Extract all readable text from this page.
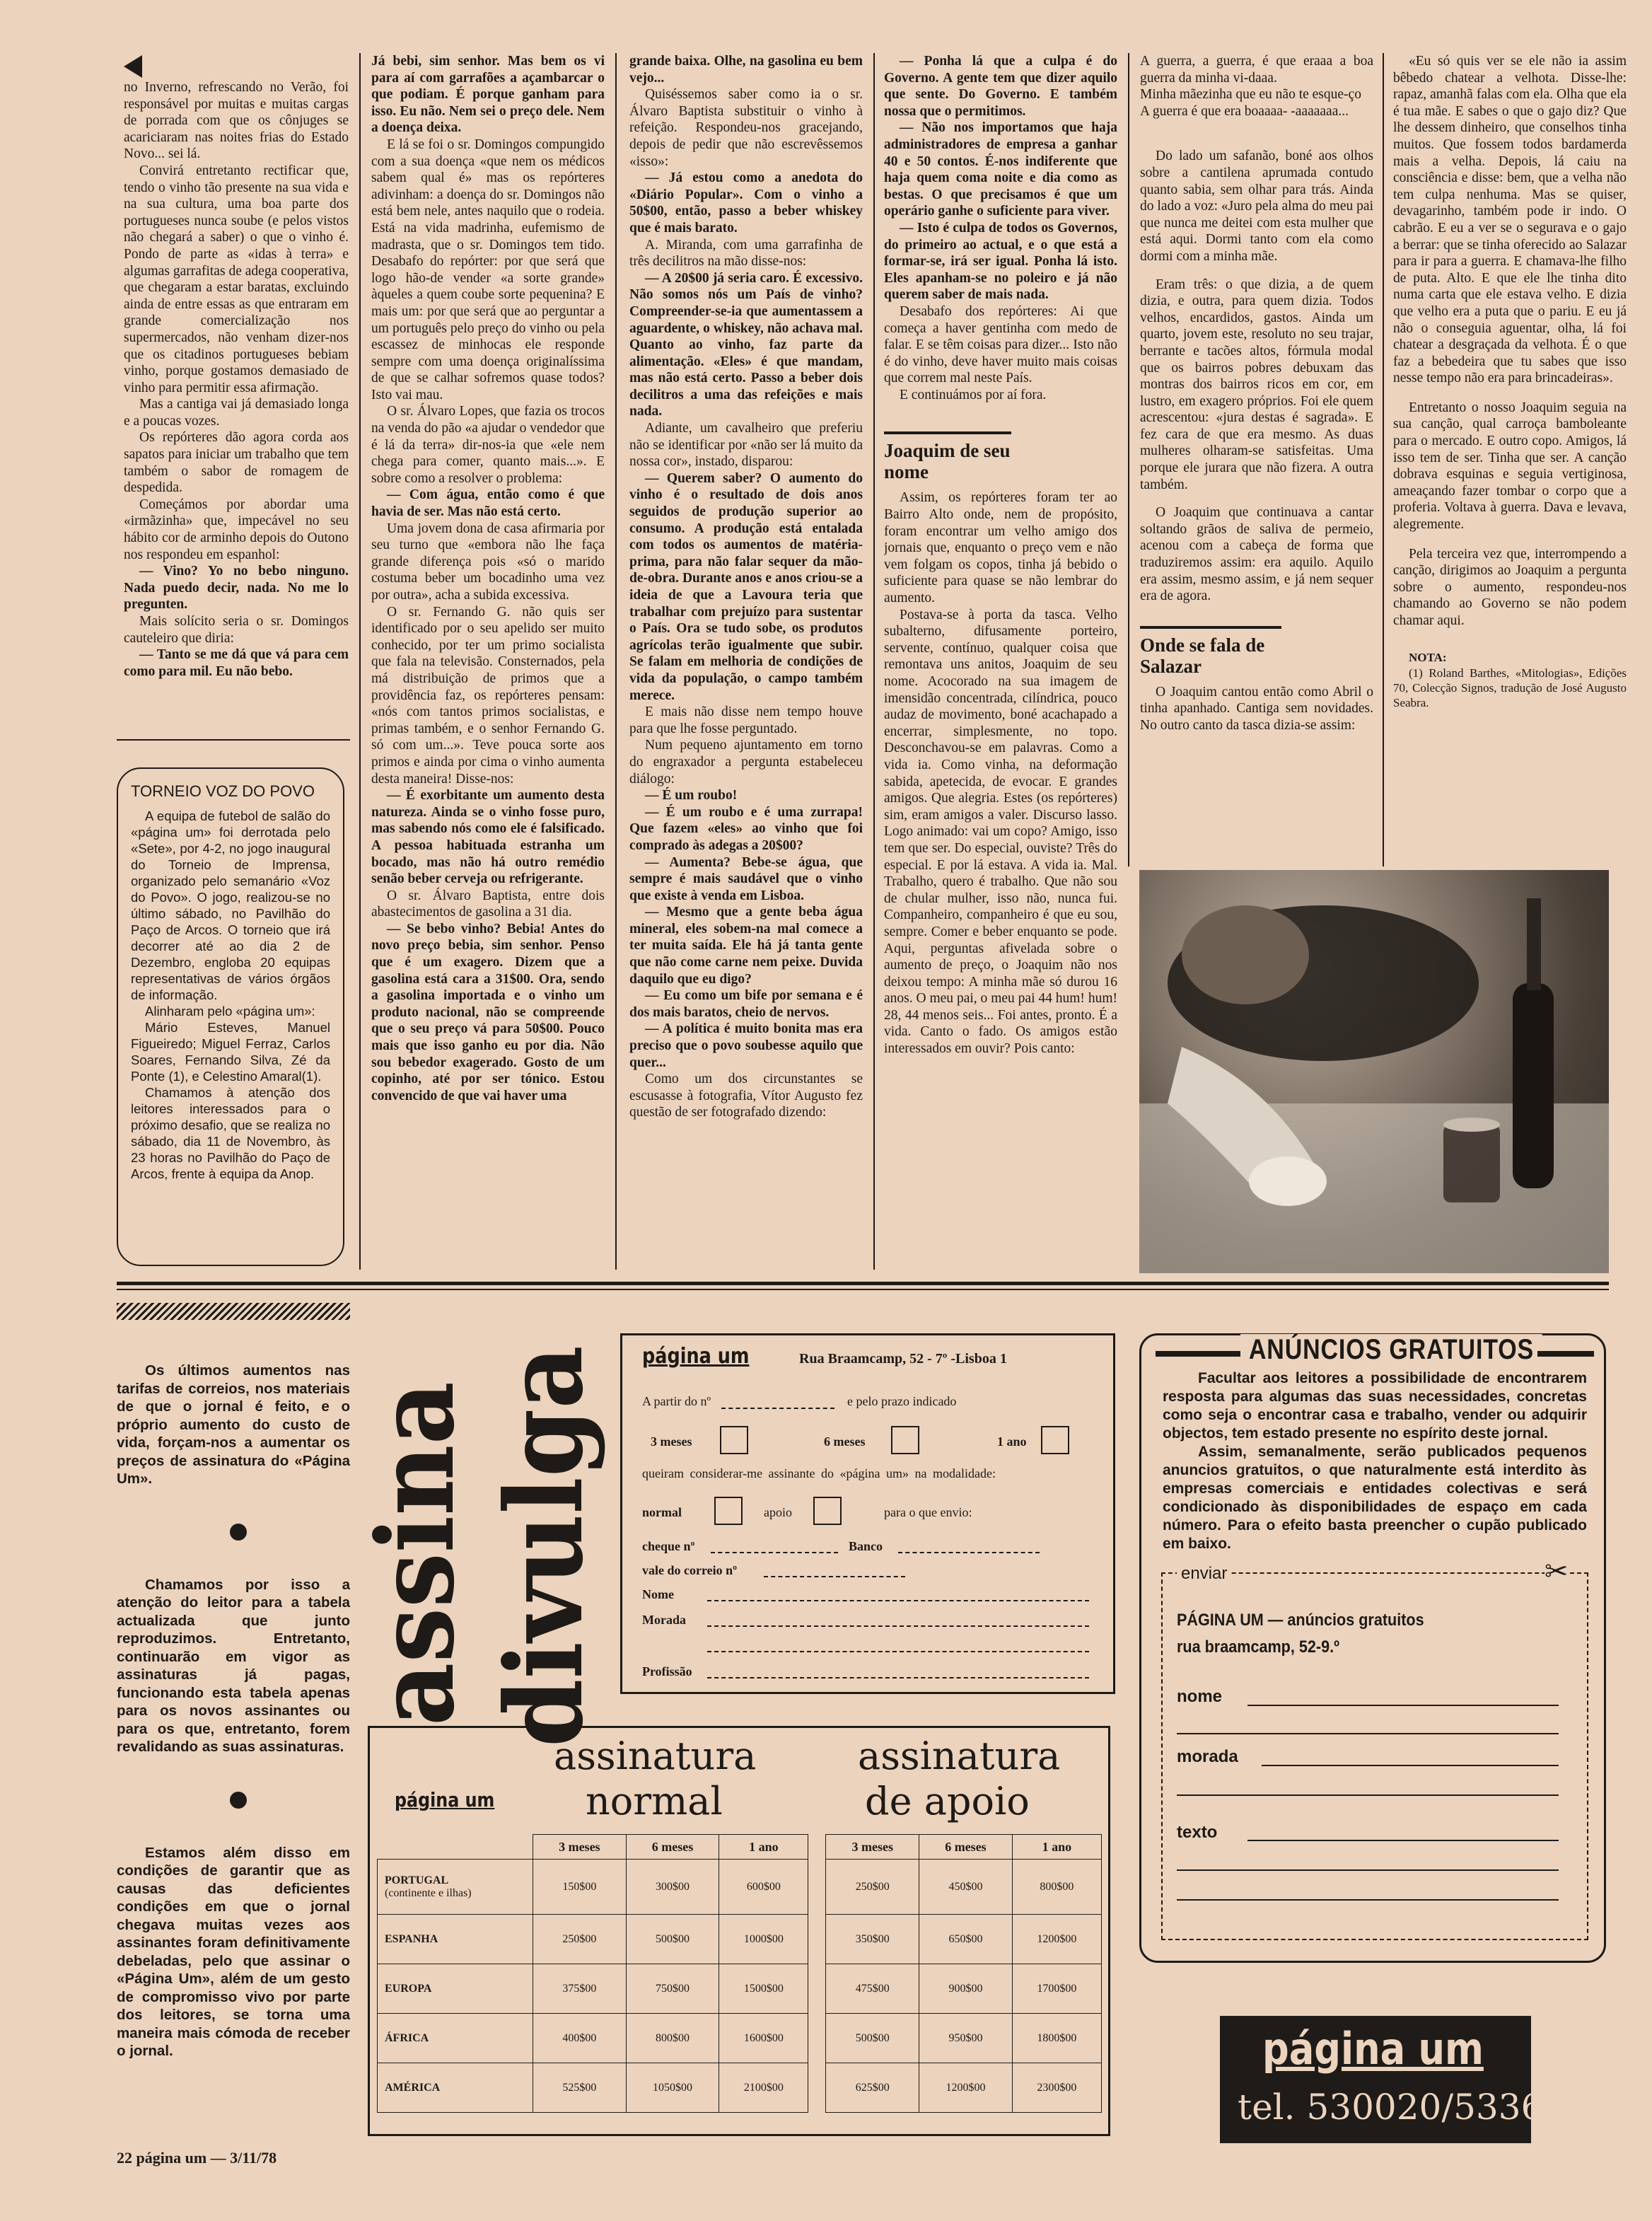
no Inverno, refrescando no Verão, foi responsável por muitas e muitas cargas de porrada com que os cônjuges se acariciaram nas noites frias do Estado Novo... sei lá.

Convirá entretanto rectificar que, tendo o vinho tão presente na sua vida e na sua cultura, uma boa parte dos portugueses nunca soube (e pelos vistos não chegará a saber) o que o vinho é. Pondo de parte as «idas à terra» e algumas garrafitas de adega cooperativa, que chegaram a estar baratas, excluindo ainda de entre essas as que entraram em grande comercialização nos supermercados, não venham dizer-nos que os citadinos portugueses bebiam vinho, porque gostamos demasiado de vinho para permitir essa afirmação.

Mas a cantiga vai já demasiado longa e a poucas vozes.

Os repórteres dão agora corda aos sapatos para iniciar um trabalho que tem também o sabor de romagem de despedida.

Começámos por abordar uma «irmãzinha» que, impecável no seu hábito cor de arminho depois do Outono nos respondeu em espanhol:

— Vino? Yo no bebo ninguno. Nada puedo decir, nada. No me lo pregunten.

Mais solícito seria o sr. Domingos cauteleiro que diria:

— Tanto se me dá que vá para cem como para mil. Eu não bebo.

TORNEIO VOZ DO POVO

A equipa de futebol de salão do «página um» foi derrotada pelo «Sete», por 4-2, no jogo inaugural do Torneio de Imprensa, organizado pelo semanário «Voz do Povo». O jogo, realizou-se no último sábado, no Pavilhão do Paço de Arcos. O torneio que irá decorrer até ao dia 2 de Dezembro, engloba 20 equipas representativas de vários órgãos de informação.

Alinharam pelo «página um»:

Mário Esteves, Manuel Figueiredo; Miguel Ferraz, Carlos Soares, Fernando Silva, Zé da Ponte (1), e Celestino Amaral(1).

Chamamos à atenção dos leitores interessados para o próximo desafio, que se realiza no sábado, dia 11 de Novembro, às 23 horas no Pavilhão do Paço de Arcos, frente à equipa da Anop.

Já bebi, sim senhor. Mas bem os vi para aí com garrafões a açambarcar o que podiam. É porque ganham para isso. Eu não. Nem sei o preço dele. Nem a doença deixa.

E lá se foi o sr. Domingos compungido com a sua doença «que nem os médicos sabem qual é» mas os repórteres adivinham: a doença do sr. Domingos não está bem nele, antes naquilo que o rodeia. Está na vida madrinha, eufemismo de madrasta, que o sr. Domingos tem tido. Desabafo do repórter: por que será que logo hão-de vender «a sorte grande» àqueles a quem coube sorte pequenina? E mais um: por que será que ao perguntar a um português pelo preço do vinho ou pela escassez de minhocas ele responde sempre com uma doença originalíssima de que se calhar sofremos quase todos? Isto vai mau.

O sr. Álvaro Lopes, que fazia os trocos na venda do pão «a ajudar o vendedor que é lá da terra» dir-nos-ia que «ele nem chega para comer, quanto mais...». E sobre como a resolver o problema:

— Com água, então como é que havia de ser. Mas não está certo.

Uma jovem dona de casa afirmaria por seu turno que «embora não lhe faça grande diferença pois «só o marido costuma beber um bocadinho uma vez por outra», acha a subida excessiva.

O sr. Fernando G. não quis ser identificado por o seu apelido ser muito conhecido, por ter um primo socialista que fala na televisão. Consternados, pela má distribuição de primos que a providência faz, os repórteres pensam: «nós com tantos primos socialistas, e primas também, e o senhor Fernando G. só com um...». Teve pouca sorte aos primos e ainda por cima o vinho aumenta desta maneira! Disse-nos:

— É exorbitante um aumento desta natureza. Ainda se o vinho fosse puro, mas sabendo nós como ele é falsificado. A pessoa habituada estranha um bocado, mas não há outro remédio senão beber cerveja ou refrigerante.

O sr. Álvaro Baptista, entre dois abastecimentos de gasolina a 31 dia.

— Se bebo vinho? Bebia! Antes do novo preço bebia, sim senhor. Penso que é um exagero. Dizem que a gasolina está cara a 31$00. Ora, sendo a gasolina importada e o vinho um produto nacional, não se compreende que o seu preço vá para 50$00. Pouco mais que isso ganho eu por dia. Não sou bebedor exagerado. Gosto de um copinho, até por ser tónico. Estou convencido de que vai haver uma

grande baixa. Olhe, na gasolina eu bem vejo...

Quiséssemos saber como ia o sr. Álvaro Baptista substituir o vinho à refeição. Respondeu-nos gracejando, depois de pedir que não escrevêssemos «isso»:

— Já estou como a anedota do «Diário Popular». Com o vinho a 50$00, então, passo a beber whiskey que é mais barato.

A. Miranda, com uma garrafinha de três decilitros na mão disse-nos:

— A 20$00 já seria caro. É excessivo. Não somos nós um País de vinho? Compreender-se-ia que aumentassem a aguardente, o whiskey, não achava mal. Quanto ao vinho, faz parte da alimentação. «Eles» é que mandam, mas não está certo. Passo a beber dois decilitros a uma das refeições e mais nada.

Adiante, um cavalheiro que preferiu não se identificar por «não ser lá muito da nossa cor», instado, disparou:

— Querem saber? O aumento do vinho é o resultado de dois anos seguidos de produção superior ao consumo. A produção está entalada com todos os aumentos de matéria-prima, para não falar sequer da mão-de-obra. Durante anos e anos criou-se a ideia de que a Lavoura teria que trabalhar com prejuízo para sustentar o País. Ora se tudo sobe, os produtos agrícolas terão igualmente que subir. Se falam em melhoria de condições de vida da população, o campo também merece.

E mais não disse nem tempo houve para que lhe fosse perguntado.

Num pequeno ajuntamento em torno do engraxador a pergunta estabeleceu diálogo:

— É um roubo!

— É um roubo e é uma zurrapa! Que fazem «eles» ao vinho que foi comprado às adegas a 20$00?

— Aumenta? Bebe-se água, que sempre é mais saudável que o vinho que existe à venda em Lisboa.

— Mesmo que a gente beba água mineral, eles sobem-na mal comece a ter muita saída. Ele há já tanta gente que não come carne nem peixe. Duvida daquilo que eu digo?

— Eu como um bife por semana e é dos mais baratos, cheio de nervos.

— A política é muito bonita mas era preciso que o povo soubesse aquilo que quer...

Como um dos circunstantes se escusasse à fotografia, Vítor Augusto fez questão de ser fotografado dizendo:

— Ponha lá que a culpa é do Governo. A gente tem que dizer aquilo que sente. Do Governo. E também nossa que o permitimos.

— Não nos importamos que haja administradores de empresa a ganhar 40 e 50 contos. É-nos indiferente que haja quem coma noite e dia como as bestas. O que precisamos é que um operário ganhe o suficiente para viver.

— Isto é culpa de todos os Governos, do primeiro ao actual, e o que está a formar-se, irá ser igual. Ponha lá isto. Eles apanham-se no poleiro e já não querem saber de mais nada.

Desabafo dos repórteres: Ai que começa a haver gentinha com medo de falar. E se têm coisas para dizer... Isto não é do vinho, deve haver muito mais coisas que correm mal neste País.

E continuámos por aí fora.

Joaquim de seu nome

Assim, os repórteres foram ter ao Bairro Alto onde, nem de propósito, foram encontrar um velho amigo dos jornais que, enquanto o preço vem e não vem folgam os copos, tinha já bebido o suficiente para quase se não lembrar do aumento.

Postava-se à porta da tasca. Velho subalterno, difusamente porteiro, servente, contínuo, qualquer coisa que remontava uns anitos, Joaquim de seu nome. Acocorado na sua imagem de imensidão concentrada, cilíndrica, pouco audaz de movimento, boné acachapado a encerrar, simplesmente, no topo. Desconchavou-se em palavras. Como a vida ia. Como vinha, na deformação sabida, apetecida, de evocar. E grandes amigos. Que alegria. Estes (os repórteres) sim, eram amigos a valer. Discurso lasso. Logo animado: vai um copo? Amigo, isso tem que ser. Do especial, ouviste? Três do especial. E por lá estava. A vida ia. Mal. Trabalho, quero é trabalho. Que não sou de chular mulher, isso não, nunca fui. Companheiro, companheiro é que eu sou, sempre. Comer e beber enquanto se pode. Aqui, perguntas afivelada sobre o aumento de preço, o Joaquim não nos deixou tempo: A minha mãe só durou 16 anos. O meu pai, o meu pai 44 hum! hum! 28, 44 menos seis... Foi antes, pronto. É a vida. Canto o fado. Os amigos estão interessados em ouvir? Pois canto:

A guerra, a guerra, é que eraaa a boa guerra da minha vi-daaa.

Minha mãezinha que eu não te esque-ço

A guerra é que era boaaaa- -aaaaaaa...

Do lado um safanão, boné aos olhos sobre a cantilena aprumada contudo quanto sabia, sem olhar para trás. Ainda do lado a voz: «Juro pela alma do meu pai que nunca me deitei com esta mulher que está aqui. Dormi tanto com ela como dormi com a minha mãe.

Eram três: o que dizia, a de quem dizia, e outra, para quem dizia. Todos velhos, encardidos, gastos. Ainda um quarto, jovem este, resoluto no seu trajar, berrante e tacões altos, fórmula modal que os bairros pobres debuxam das montras dos bairros ricos em cor, em lustro, em exagero próprios. Foi ele quem acrescentou: «jura destas é sagrada». E fez cara de que era mesmo. As duas mulheres olharam-se satisfeitas. Uma porque ele jurara que não fizera. A outra também.

O Joaquim que continuava a cantar soltando grãos de saliva de permeio, acenou com a cabeça de forma que traduziremos assim: era aquilo. Aquilo era assim, mesmo assim, e já nem sequer era de agora.

Onde se fala de Salazar

O Joaquim cantou então como Abril o tinha apanhado. Cantiga sem novidades. No outro canto da tasca dizia-se assim:

«Eu só quis ver se ele não ia assim bêbedo chatear a velhota. Disse-lhe: rapaz, amanhã falas com ela. Olha que ela é tua mãe. E sabes o que o gajo diz? Que lhe dessem dinheiro, que conselhos tinha muitos. Que fossem todos bardamerda mais a velha. Depois, lá caiu na consciência e disse: bem, que a velha não tem culpa nenhuma. Mas se quiser, devagarinho, também pode ir indo. O cabrão. E eu a ver se o segurava e o gajo a berrar: que se tinha oferecido ao Salazar para ir para a guerra. E chamava-lhe filho de puta. Alto. E que ele lhe tinha dito numa carta que ele estava velho. E dizia que velho era a puta que o pariu. E eu já não o conseguia aguentar, olha, lá foi chatear a desgraçada da velhota. É o que faz a bebedeira que tu sabes que isso nesse tempo não era para brincadeiras».

Entretanto o nosso Joaquim seguia na sua canção, qual carroça bamboleante para o mercado. E outro copo. Amigos, lá isso tem de ser. Tinha que ser. A canção dobrava esquinas e seguia vertiginosa, ameaçando fazer tombar o corpo que a proferia. Voltava à guerra. Dava e levava, alegremente.

Pela terceira vez que, interrompendo a canção, dirigimos ao Joaquim a pergunta sobre o aumento, respondeu-nos chamando ao Governo se não podem chamar aqui.

NOTA:

(1) Roland Barthes, «Mitologias», Edições 70, Colecção Signos, tradução de José Augusto Seabra.

Os últimos aumentos nas tarifas de correios, nos materiais de que o jornal é feito, e o próprio aumento do custo de vida, forçam-nos a aumentar os preços de assinatura do «Página Um».

Chamamos por isso a atenção do leitor para a tabela actualizada que junto reproduzimos. Entretanto, continuarão em vigor as assinaturas já pagas, funcionando esta tabela apenas para os novos assinantes ou para os que, entretanto, forem revalidando as suas assinaturas.

Estamos além disso em condições de garantir que as causas das deficientes condições em que o jornal chegava muitas vezes aos assinantes foram definitivamente debeladas, pelo que assinar o «Página Um», além de um gesto de compromisso vivo por parte dos leitores, se torna uma maneira mais cómoda de receber o jornal.

assina divulga página um	Rua Braamcamp, 52 - 7º -Lisboa 1
A partir do nº	e pelo prazo indicado
3 meses	6 meses	1 ano
queiram considerar-me assinante do «página um» na modalidade:
normal	apoio	para o que envio:
cheque nº	Banco
vale do correio nº
Nome
Morada
Profissão
página um
assinatura
normal
assinatura
de apoio
	3 meses	6 meses	1 ano		3 meses	6 meses	1 ano

PORTUGAL
(continente e ilhas)	150$00	300$00	600$00		250$00	450$00	800$00

ESPANHA	250$00	500$00	1000$00		350$00	650$00	1200$00

EUROPA	375$00	750$00	1500$00		475$00	900$00	1700$00

ÁFRICA	400$00	800$00	1600$00		500$00	950$00	1800$00

AMÉRICA	525$00	1050$00	2100$00		625$00	1200$00	2300$00
ANÚNCIOS GRATUITOS

Facultar aos leitores a possibilidade de encontrarem resposta para algumas das suas necessidades, concretas como seja o encontrar casa e trabalho, vender ou adquirir objectos, tem estado presente no espírito deste jornal.

Assim, semanalmente, serão publicados pequenos anuncios gratuitos, o que naturalmente está interdito às empresas comerciais e entidades colectivas e será condicionado às disponibilidades de espaço em cada número. Para o efeito basta preencher o cupão publicado em baixo.

enviar	✂
PÁGINA UM — anúncios gratuitos
rua braamcamp, 52-9.º
nome
morada
texto
página um
tel. 530020/533692
22 página um — 3/11/78
